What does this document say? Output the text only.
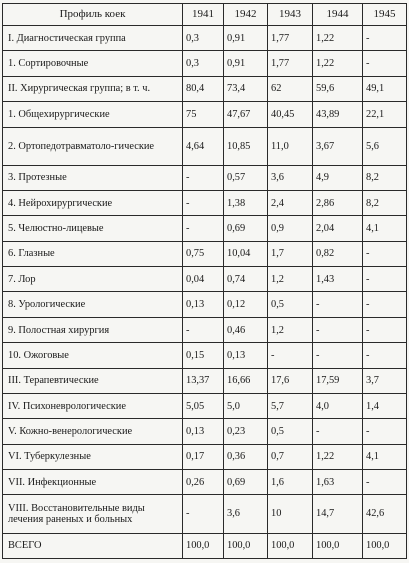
Профиль коек	1941	1942	1943	1944	1945
I. Диагностическая группа	0,3	0,91	1,77	1,22	-
1. Сортировочные	0,3	0,91	1,77	1,22	-
II. Хирургическая группа; в т. ч.	80,4	73,4	62	59,6	49,1
1. Общехирургические	75	47,67	40,45	43,89	22,1
2. Ортопедотравматоло-гические	4,64	10,85	11,0	3,67	5,6
3. Протезные	-	0,57	3,6	4,9	8,2
4. Нейрохирургические	-	1,38	2,4	2,86	8,2
5. Челюстно-лицевые	-	0,69	0,9	2,04	4,1
6. Глазные	0,75	10,04	1,7	0,82	-
7. Лор	0,04	0,74	1,2	1,43	-
8. Урологические	0,13	0,12	0,5	-	-
9. Полостная хирургия	-	0,46	1,2	-	-
10. Ожоговые	0,15	0,13	-	-	-
III. Терапевтические	13,37	16,66	17,6	17,59	3,7
IV. Психоневрологические	5,05	5,0	5,7	4,0	1,4
V. Кожно-венерологические	0,13	0,23	0,5	-	-
VI. Туберкулезные	0,17	0,36	0,7	1,22	4,1
VII. Инфекционные	0,26	0,69	1,6	1,63	-
VIII. Восстановительные виды лечения раненых и больных	-	3,6	10	14,7	42,6
ВСЕГО	100,0	100,0	100,0	100,0	100,0
